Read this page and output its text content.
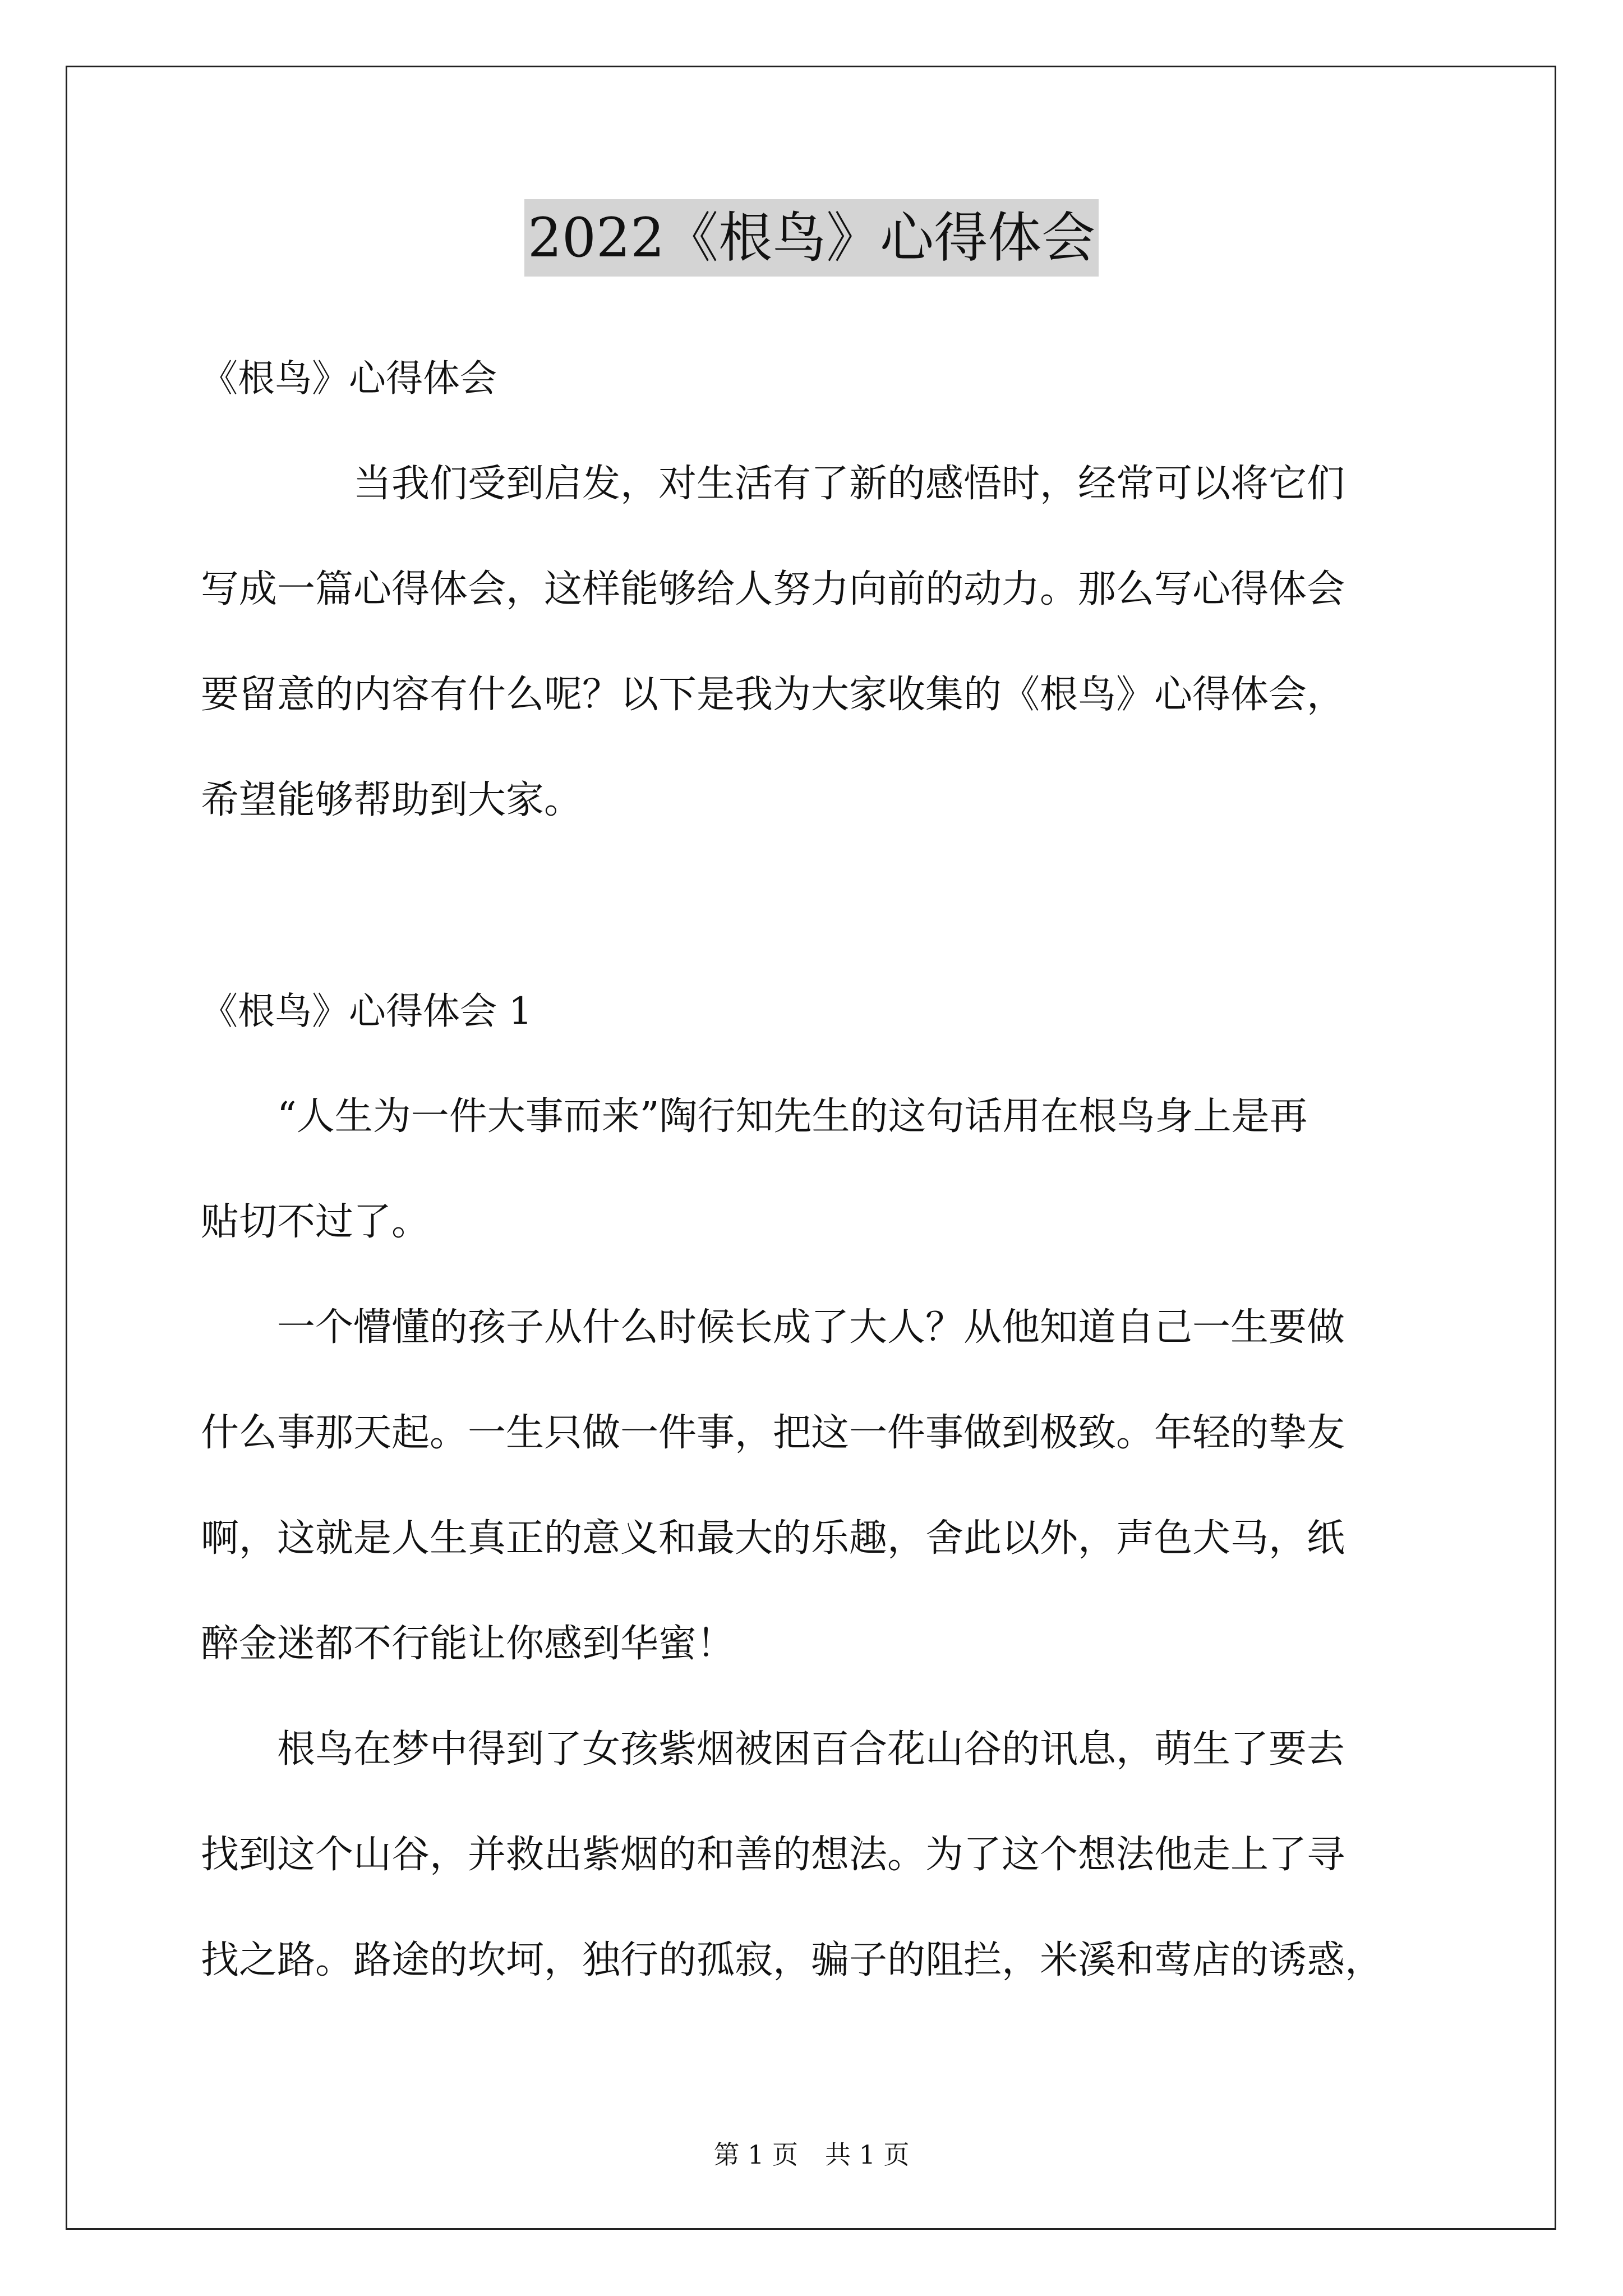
2022《根鸟》心得体会
《根鸟》心得体会
　　　　当我们受到启发，对生活有了新的感悟时，经常可以将它们
写成一篇心得体会，这样能够给人努力向前的动力。那么写心得体会
要留意的内容有什么呢？以下是我为大家收集的《根鸟》心得体会，
希望能够帮助到大家。
《根鸟》心得体会 1
　　“人生为一件大事而来”陶行知先生的这句话用在根鸟身上是再
贴切不过了。
　　一个懵懂的孩子从什么时候长成了大人？从他知道自己一生要做
什么事那天起。一生只做一件事，把这一件事做到极致。年轻的挚友
啊，这就是人生真正的意义和最大的乐趣，舍此以外，声色犬马，纸
醉金迷都不行能让你感到华蜜！
　　根鸟在梦中得到了女孩紫烟被困百合花山谷的讯息，萌生了要去
找到这个山谷，并救出紫烟的和善的想法。为了这个想法他走上了寻
找之路。路途的坎坷，独行的孤寂，骗子的阻拦，米溪和莺店的诱惑，
第 1 页 共 1 页
